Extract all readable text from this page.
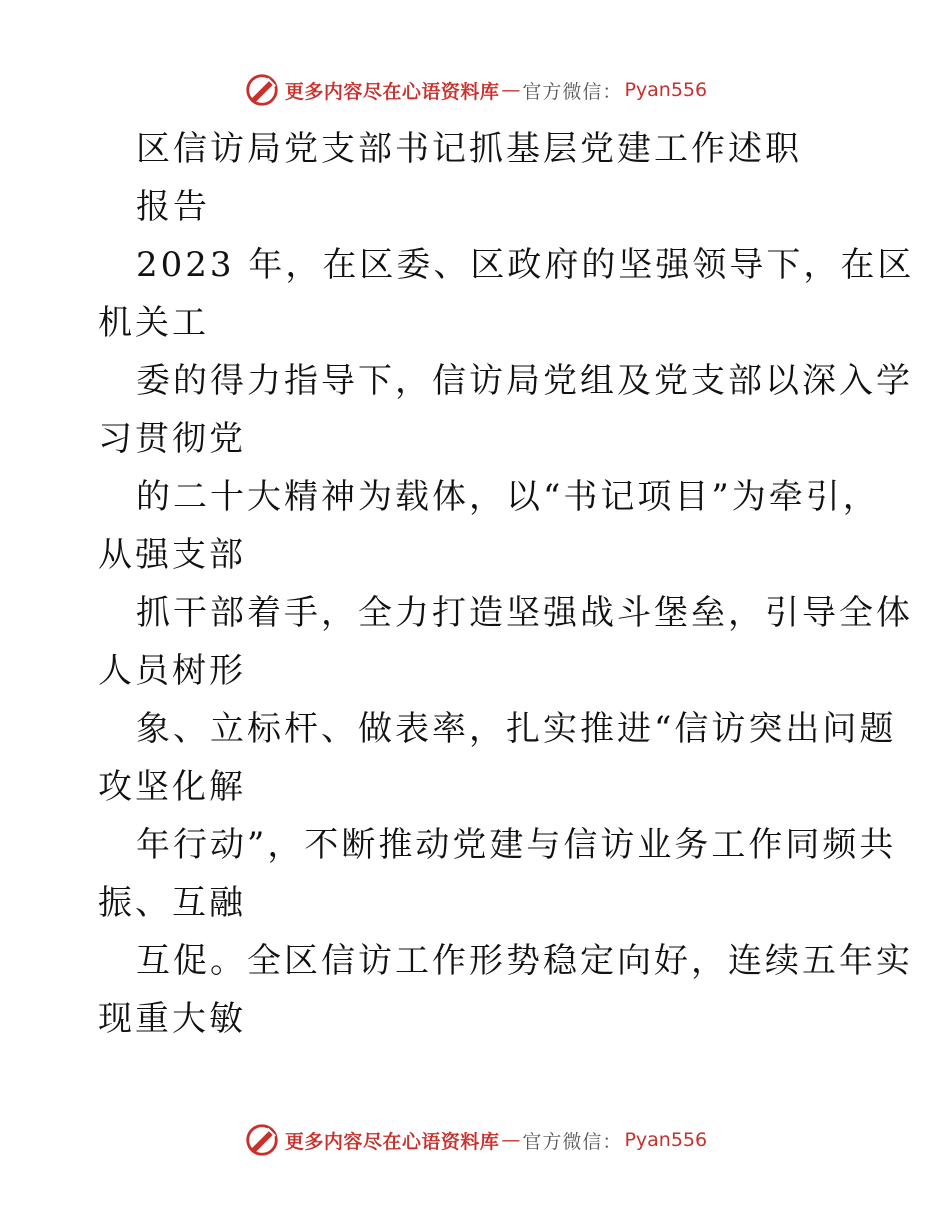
更多内容尽在心语资料库 — 官方微信： Pyan556
区信访局党支部书记抓基层党建工作述职
报告
2023 年，在区委、区政府的坚强领导下，在区
机关工
委的得力指导下，信访局党组及党支部以深入学
习贯彻党
的二十大精神为载体，以“书记项目”为牵引，
从强支部
抓干部着手，全力打造坚强战斗堡垒，引导全体
人员树形
象、立标杆、做表率，扎实推进“信访突出问题
攻坚化解
年行动”，不断推动党建与信访业务工作同频共
振、互融
互促。全区信访工作形势稳定向好，连续五年实
现重大敏
更多内容尽在心语资料库 — 官方微信： Pyan556
